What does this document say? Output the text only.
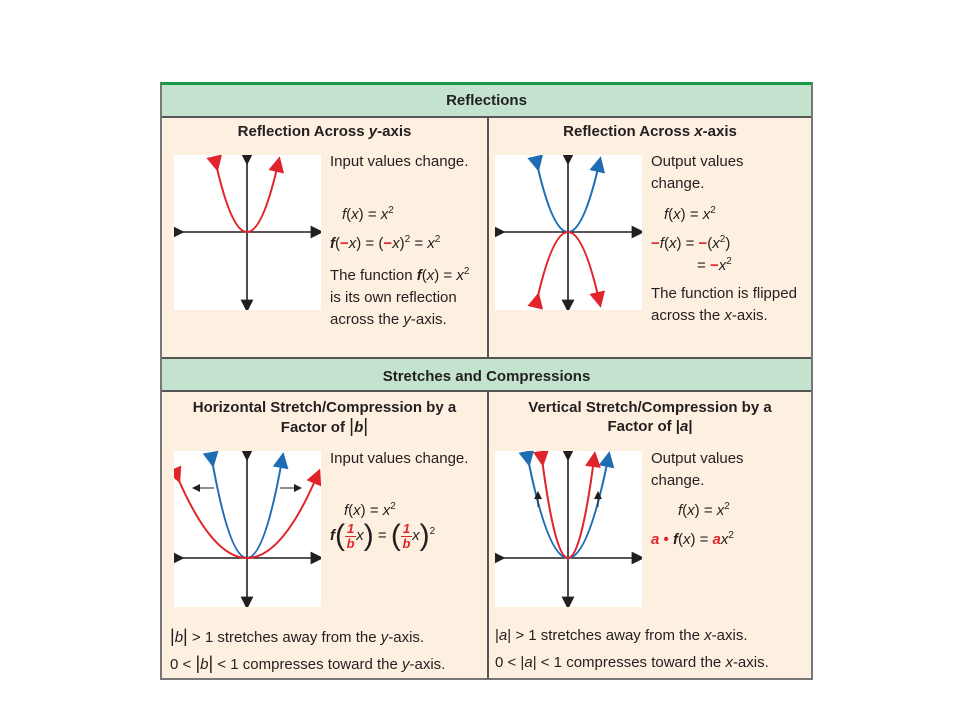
Reflections
Reflection Across y-axis
Input values change.
$f(x) = x^2$
$f(-x) = (-x)^2 = x^2$
The function $f(x) = x^2$ is its own reflection across the y-axis.
Reflection Across x-axis
Output values change.
$f(x) = x^2$
$-f(x) = -(x^2)$
= $-x^2$
The function is flipped across the x-axis.
Stretches and Compressions
Horizontal Stretch/Compression by a
Factor of |b|
Input values change.
$f(x) = x^2$
$f( \frac{1}{b} x)$ = ( $\frac{1}{b} x)^2$
|b| > 1 stretches away from the y-axis.
0 < |b| < 1 compresses toward the y-axis.
Vertical Stretch/Compression by a
Factor of |a|
Output values change.
$f(x) = x^2$
a • $f(x) = ax^2$
|a| > 1 stretches away from the x-axis.
0 < |a| < 1 compresses toward the x-axis.
